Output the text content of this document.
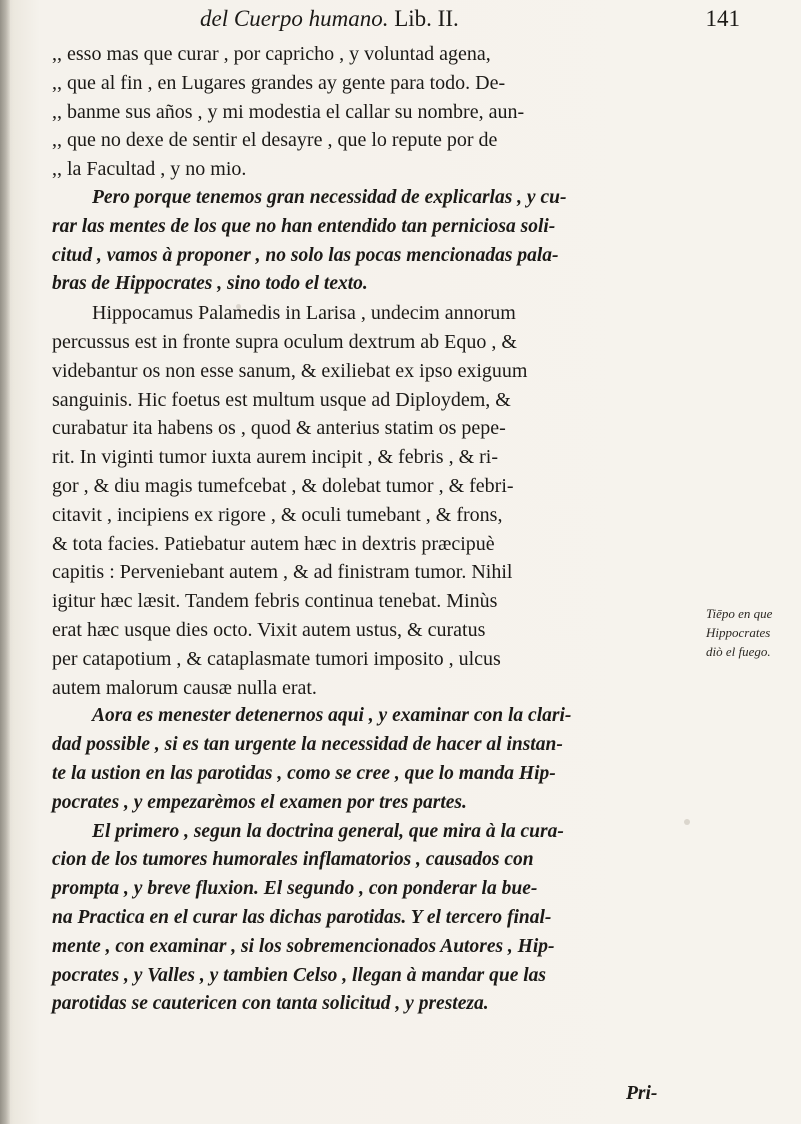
del Cuerpo humano. Lib. II.	141
,, esso mas que curar , por capricho , y voluntad agena,
,, que al fin , en Lugares grandes ay gente para todo. De-
,, banme sus años , y mi modestia el callar su nombre, aun-
,, que no dexe de sentir el desayre , que lo repute por de
,, la Facultad , y no mio.
Pero porque tenemos gran necessidad de explicarlas , y cu-
rar las mentes de los que no han entendido tan perniciosa soli-
citud , vamos à proponer , no solo las pocas mencionadas pala-
bras de Hippocrates , sino todo el texto.
Hippocamus Palamedis in Larisa , undecim annorum
percussus est in fronte supra oculum dextrum ab Equo , &
videbantur os non esse sanum, & exiliebat ex ipso exiguum
sanguinis. Hic foetus est multum usque ad Diploydem, &
curabatur ita habens os , quod & anterius statim os pepe-
rit. In viginti tumor iuxta aurem incipit , & febris , & ri-
gor , & diu magis tumefcebat , & dolebat tumor , & febri-
citavit , incipiens ex rigore , & oculi tumebant , & frons,
& tota facies. Patiebatur autem hæc in dextris præcipuè
capitis : Perveniebant autem , & ad finistram tumor. Nihil
igitur hæc læsit. Tandem febris continua tenebat. Minùs
erat hæc usque dies octo. Vixit autem ustus, & curatus
per catapotium , & cataplasmate tumori imposito , ulcus
autem malorum causæ nulla erat.
Aora es menester detenernos aqui , y examinar con la clari-
dad possible , si es tan urgente la necessidad de hacer al instan-
te la ustion en las parotidas , como se cree , que lo manda Hip-
pocrates , y empezarèmos el examen por tres partes.
El primero , segun la doctrina general, que mira à la cura-
cion de los tumores humorales inflamatorios , causados con
prompta , y breve fluxion. El segundo , con ponderar la bue-
na Practica en el curar las dichas parotidas. Y el tercero final-
mente , con examinar , si los sobremencionados Autores , Hip-
pocrates , y Valles , y tambien Celso , llegan à mandar que las
parotidas se cautericen con tanta solicitud , y presteza.
Tiēpo en que
Hippocrates
diò el fuego.
Pri-
